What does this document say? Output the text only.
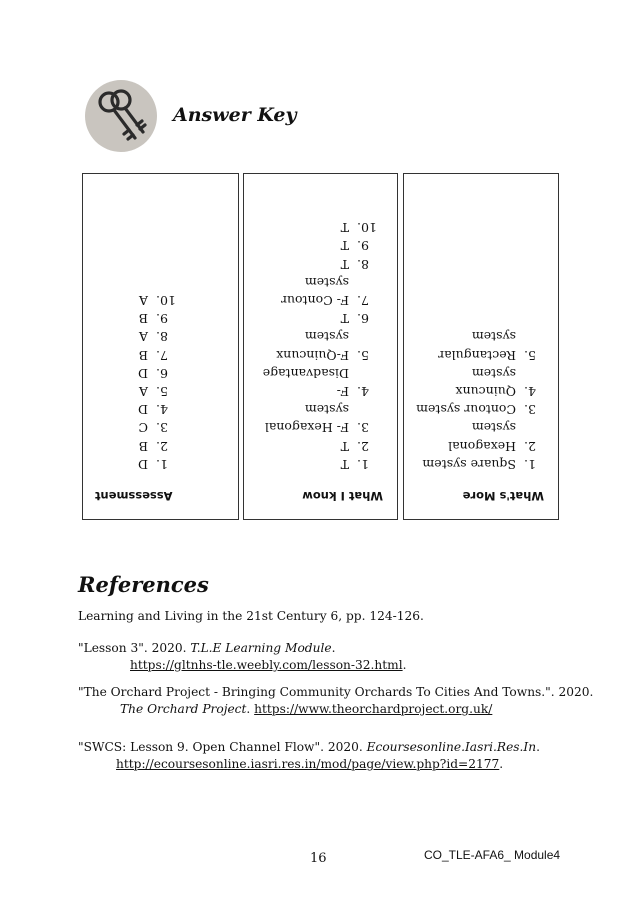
Answer Key
Assessment
1.
D
2.
B
3.
C
4.
D
5.
A
6.
D
7.
B
8.
A
9.
B
10.
A
What I know
1.
T
2.
T
3.
F- Hexagonal system
4.
F- Disadvantage
5.
F-Quincunx system
6.
T
7.
F- Contour system
8.
T
9.
T
10.
T
What's More
1.
Square system
2.
Hexagonal system
3.
Contour system
4.
Quincunx system
5.
Rectangular system
References
Learning and Living in the 21st Century 6, pp. 124-126.
"Lesson 3". 2020. T.L.E Learning Module.
https://gltnhs-tle.weebly.com/lesson-32.html.
"The Orchard Project - Bringing Community Orchards To Cities And Towns.". 2020.
The Orchard Project. https://www.theorchardproject.org.uk/
"SWCS: Lesson 9. Open Channel Flow". 2020. Ecoursesonline.Iasri.Res.In.
http://ecoursesonline.iasri.res.in/mod/page/view.php?id=2177.
16	CO_TLE-AFA6_ Module4
